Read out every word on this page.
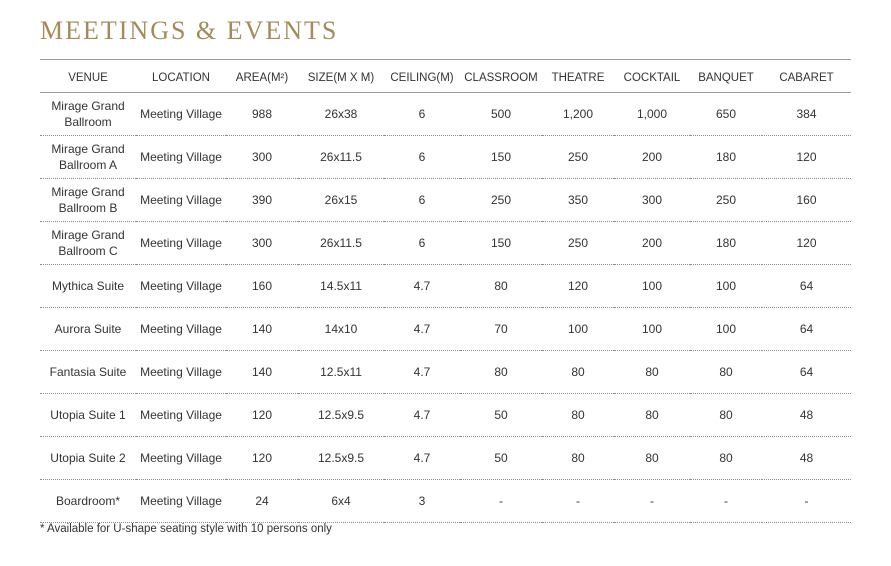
MEETINGS & EVENTS
VENUE	LOCATION	AREA(M²)	SIZE(M X M)	CEILING(M)	CLASSROOM	THEATRE	COCKTAIL	BANQUET	CABARET
Mirage Grand Ballroom	Meeting Village	988	26x38	6	500	1,200	1,000	650	384
Mirage Grand Ballroom A	Meeting Village	300	26x11.5	6	150	250	200	180	120
Mirage Grand Ballroom B	Meeting Village	390	26x15	6	250	350	300	250	160
Mirage Grand Ballroom C	Meeting Village	300	26x11.5	6	150	250	200	180	120
Mythica Suite	Meeting Village	160	14.5x11	4.7	80	120	100	100	64
Aurora Suite	Meeting Village	140	14x10	4.7	70	100	100	100	64
Fantasia Suite	Meeting Village	140	12.5x11	4.7	80	80	80	80	64
Utopia Suite 1	Meeting Village	120	12.5x9.5	4.7	50	80	80	80	48
Utopia Suite 2	Meeting Village	120	12.5x9.5	4.7	50	80	80	80	48
Boardroom*	Meeting Village	24	6x4	3	-	-	-	-	-

* Available for U-shape seating style with 10 persons only
